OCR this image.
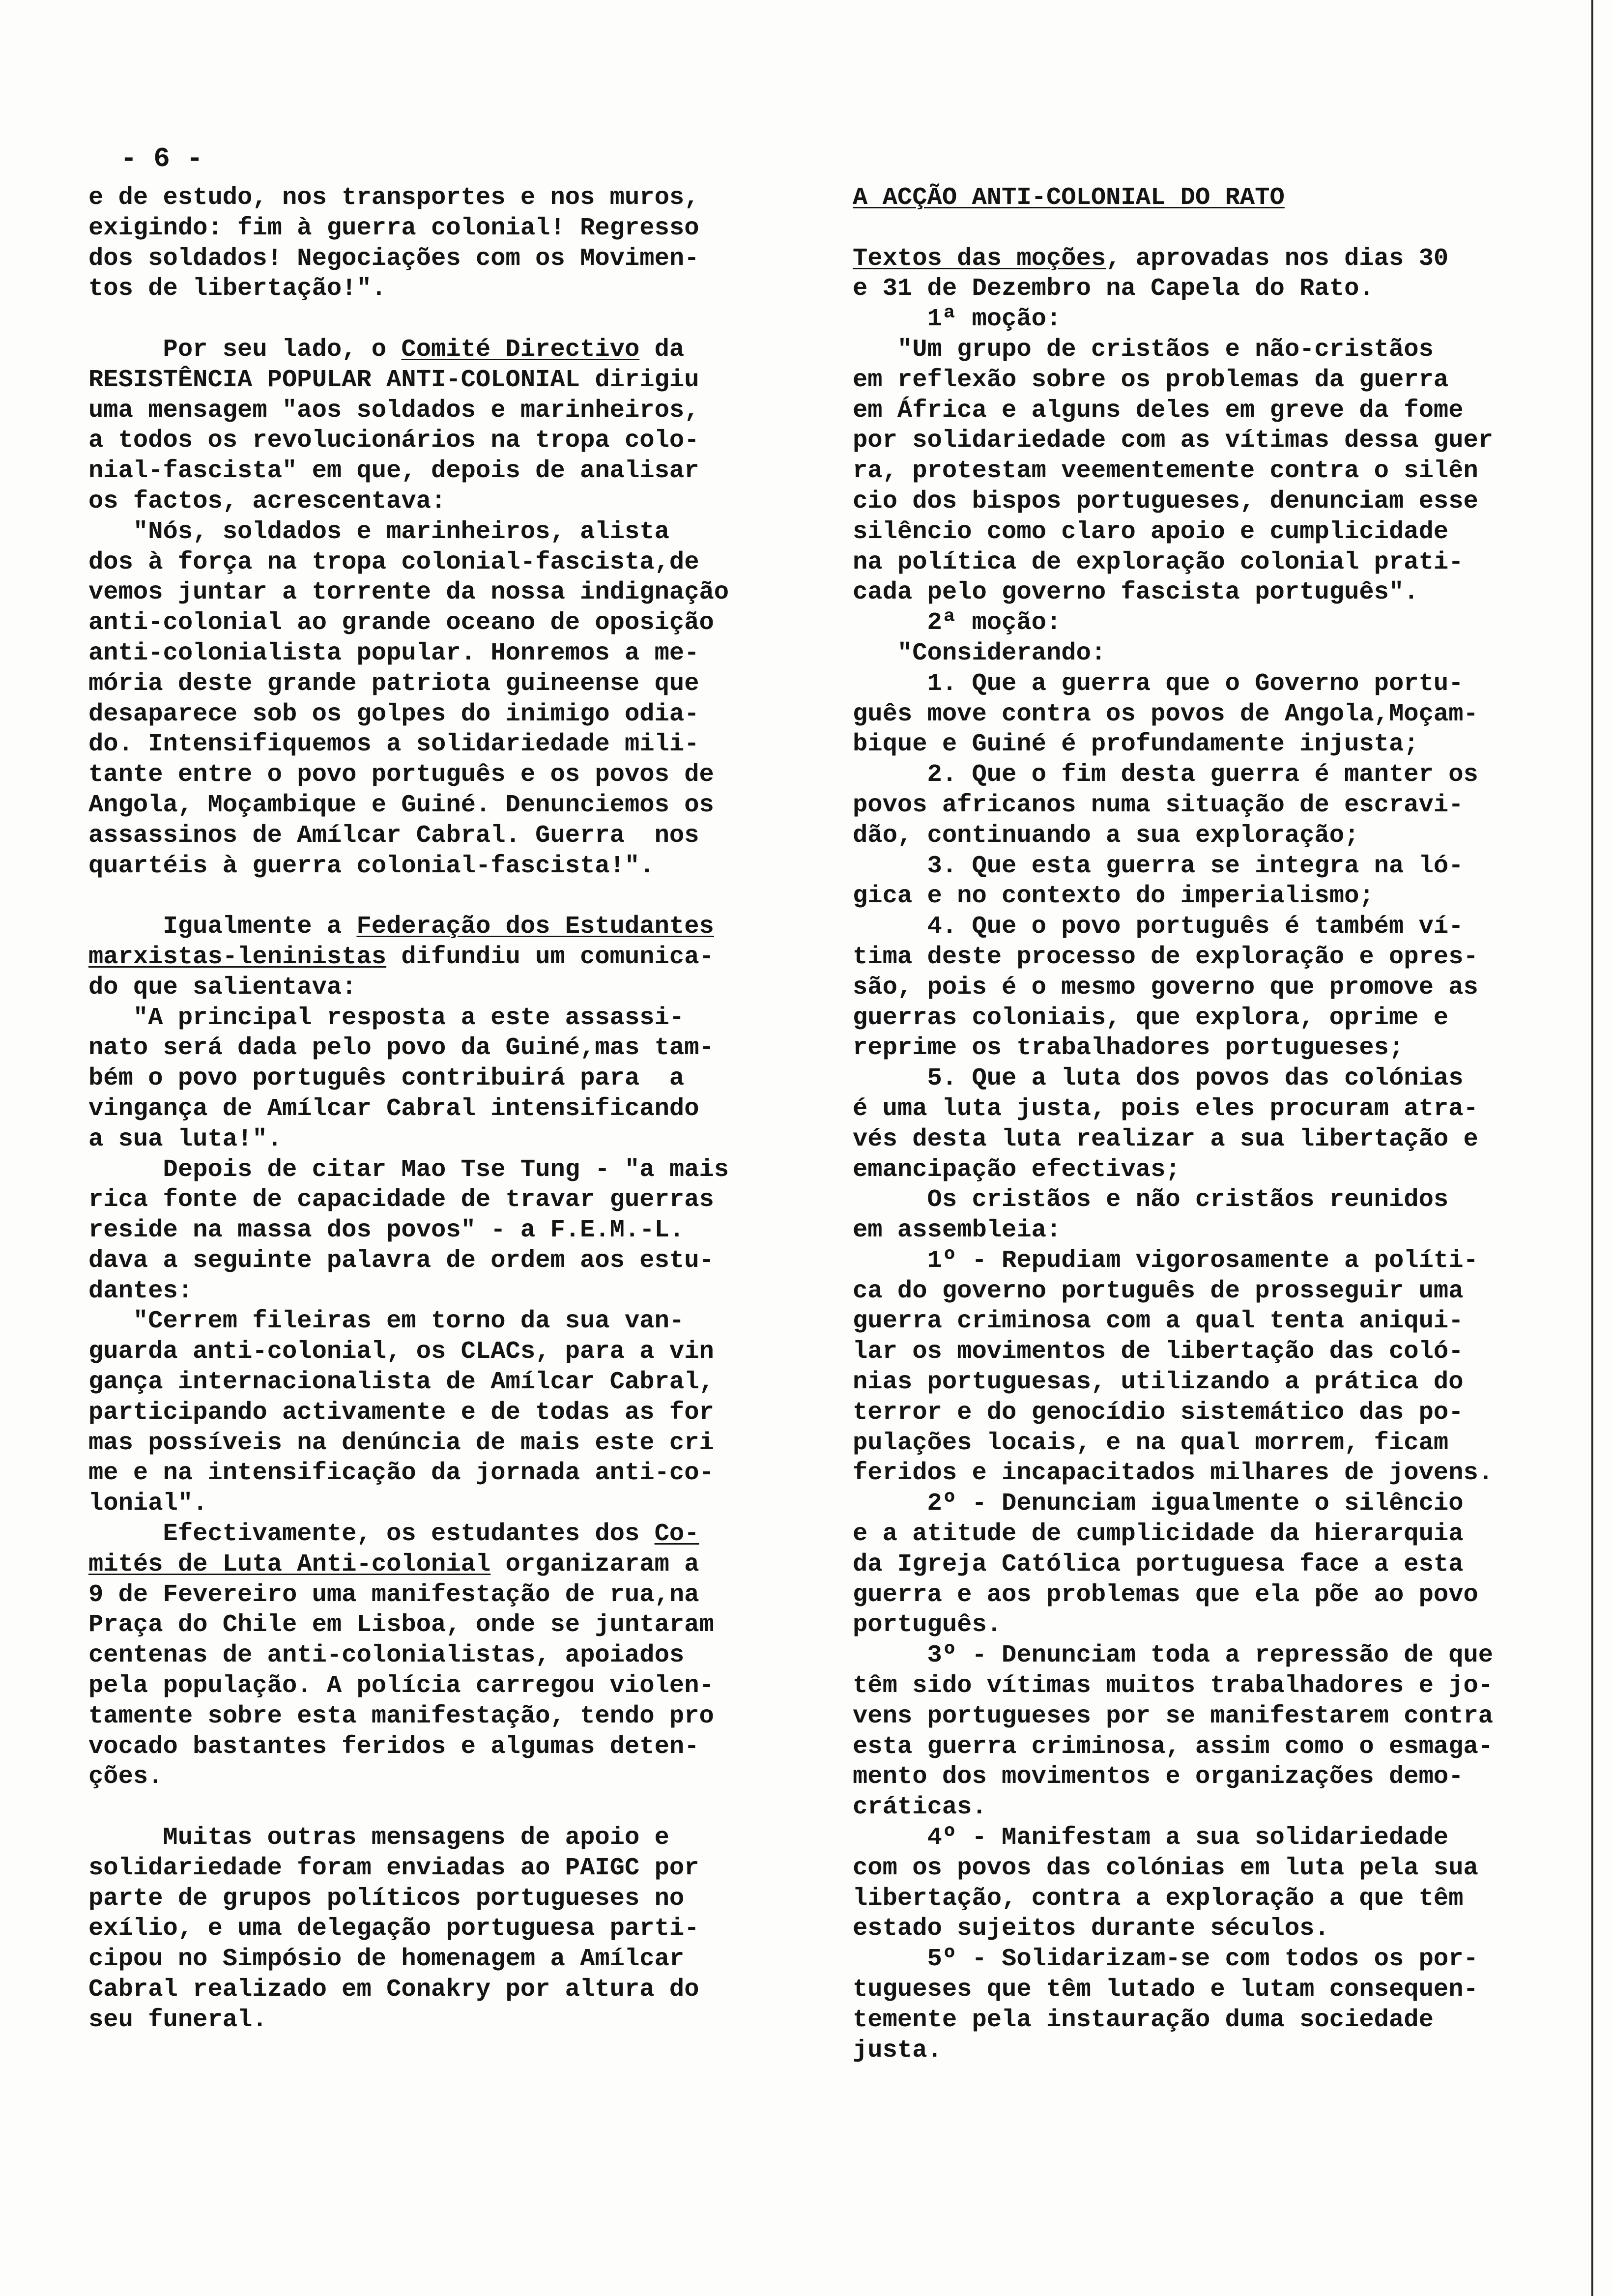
- 6 -
e de estudo, nos transportes e nos muros,
exigindo: fim à guerra colonial! Regresso
dos soldados! Negociações com os Movimen-
tos de libertação!".
Por seu lado, o Comité Directivo da
RESISTÊNCIA POPULAR ANTI-COLONIAL dirigiu
uma mensagem "aos soldados e marinheiros,
a todos os revolucionários na tropa colo-
nial-fascista" em que, depois de analisar
os factos, acrescentava:
"Nós, soldados e marinheiros, alista
dos à força na tropa colonial-fascista,de
vemos juntar a torrente da nossa indignação
anti-colonial ao grande oceano de oposição
anti-colonialista popular. Honremos a me-
mória deste grande patriota guineense que
desaparece sob os golpes do inimigo odia-
do. Intensifiquemos a solidariedade mili-
tante entre o povo português e os povos de
Angola, Moçambique e Guiné. Denunciemos os
assassinos de Amílcar Cabral. Guerra  nos
quartéis à guerra colonial-fascista!".
Igualmente a Federação dos Estudantes
marxistas-leninistas difundiu um comunica-
do que salientava:
"A principal resposta a este assassi-
nato será dada pelo povo da Guiné,mas tam-
bém o povo português contribuirá para  a
vingança de Amílcar Cabral intensificando
a sua luta!".
Depois de citar Mao Tse Tung - "a mais
rica fonte de capacidade de travar guerras
reside na massa dos povos" - a F.E.M.-L.
dava a seguinte palavra de ordem aos estu-
dantes:
"Cerrem fileiras em torno da sua van-
guarda anti-colonial, os CLACs, para a vin
gança internacionalista de Amílcar Cabral,
participando activamente e de todas as for
mas possíveis na denúncia de mais este cri
me e na intensificação da jornada anti-co-
lonial".
Efectivamente, os estudantes dos Co-
mités de Luta Anti-colonial organizaram a
9 de Fevereiro uma manifestação de rua,na
Praça do Chile em Lisboa, onde se juntaram
centenas de anti-colonialistas, apoiados
pela população. A polícia carregou violen-
tamente sobre esta manifestação, tendo pro
vocado bastantes feridos e algumas deten-
ções.
Muitas outras mensagens de apoio e
solidariedade foram enviadas ao PAIGC por
parte de grupos políticos portugueses no
exílio, e uma delegação portuguesa parti-
cipou no Simpósio de homenagem a Amílcar
Cabral realizado em Conakry por altura do
seu funeral.
A ACÇÃO ANTI-COLONIAL DO RATO
Textos das moções, aprovadas nos dias 30
e 31 de Dezembro na Capela do Rato.
1ª moção:
"Um grupo de cristãos e não-cristãos
em reflexão sobre os problemas da guerra
em África e alguns deles em greve da fome
por solidariedade com as vítimas dessa guer
ra, protestam veementemente contra o silên
cio dos bispos portugueses, denunciam esse
silêncio como claro apoio e cumplicidade
na política de exploração colonial prati-
cada pelo governo fascista português".
2ª moção:
"Considerando:
1. Que a guerra que o Governo portu-
guês move contra os povos de Angola,Moçam-
bique e Guiné é profundamente injusta;
2. Que o fim desta guerra é manter os
povos africanos numa situação de escravi-
dão, continuando a sua exploração;
3. Que esta guerra se integra na ló-
gica e no contexto do imperialismo;
4. Que o povo português é também ví-
tima deste processo de exploração e opres-
são, pois é o mesmo governo que promove as
guerras coloniais, que explora, oprime e
reprime os trabalhadores portugueses;
5. Que a luta dos povos das colónias
é uma luta justa, pois eles procuram atra-
vés desta luta realizar a sua libertação e
emancipação efectivas;
Os cristãos e não cristãos reunidos
em assembleia:
1º - Repudiam vigorosamente a políti-
ca do governo português de prosseguir uma
guerra criminosa com a qual tenta aniqui-
lar os movimentos de libertação das coló-
nias portuguesas, utilizando a prática do
terror e do genocídio sistemático das po-
pulações locais, e na qual morrem, ficam
feridos e incapacitados milhares de jovens.
2º - Denunciam igualmente o silêncio
e a atitude de cumplicidade da hierarquia
da Igreja Católica portuguesa face a esta
guerra e aos problemas que ela põe ao povo
português.
3º - Denunciam toda a repressão de que
têm sido vítimas muitos trabalhadores e jo-
vens portugueses por se manifestarem contra
esta guerra criminosa, assim como o esmaga-
mento dos movimentos e organizações demo-
cráticas.
4º - Manifestam a sua solidariedade
com os povos das colónias em luta pela sua
libertação, contra a exploração a que têm
estado sujeitos durante séculos.
5º - Solidarizam-se com todos os por-
tugueses que têm lutado e lutam consequen-
temente pela instauração duma sociedade
justa.
